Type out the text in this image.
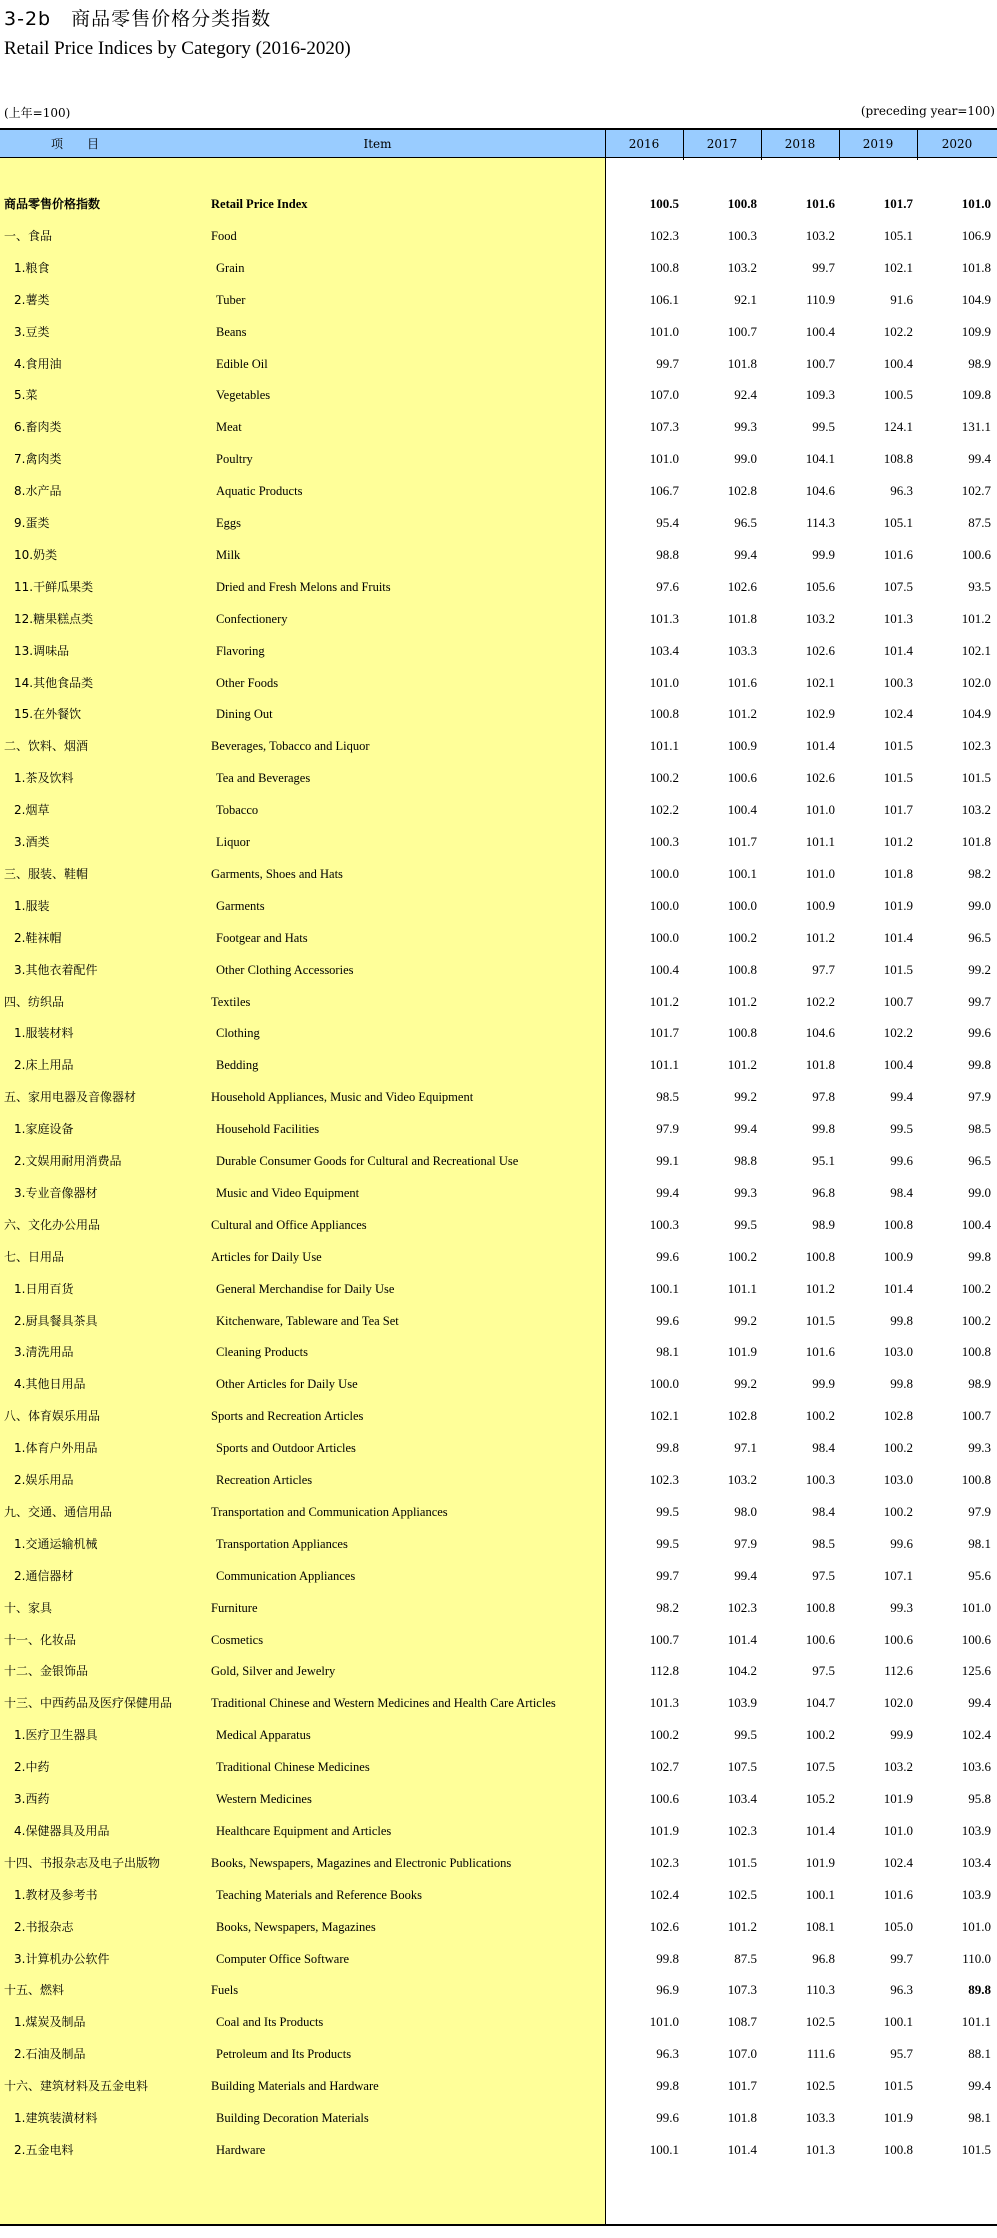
3-2b　商品零售价格分类指数
Retail Price Indices by Category (2016-2020)
(上年=100)	(preceding year=100)
项　　目	Item	2016	2017	2018	2019	2020
商品零售价格指数	Retail Price Index	100.5	100.8	101.6	101.7	101.0
一、食品	Food	102.3	100.3	103.2	105.1	106.9
1.粮食	Grain	100.8	103.2	99.7	102.1	101.8
2.薯类	Tuber	106.1	92.1	110.9	91.6	104.9
3.豆类	Beans	101.0	100.7	100.4	102.2	109.9
4.食用油	Edible Oil	99.7	101.8	100.7	100.4	98.9
5.菜	Vegetables	107.0	92.4	109.3	100.5	109.8
6.畜肉类	Meat	107.3	99.3	99.5	124.1	131.1
7.禽肉类	Poultry	101.0	99.0	104.1	108.8	99.4
8.水产品	Aquatic Products	106.7	102.8	104.6	96.3	102.7
9.蛋类	Eggs	95.4	96.5	114.3	105.1	87.5
10.奶类	Milk	98.8	99.4	99.9	101.6	100.6
11.干鲜瓜果类	Dried and Fresh Melons and Fruits	97.6	102.6	105.6	107.5	93.5
12.糖果糕点类	Confectionery	101.3	101.8	103.2	101.3	101.2
13.调味品	Flavoring	103.4	103.3	102.6	101.4	102.1
14.其他食品类	Other Foods	101.0	101.6	102.1	100.3	102.0
15.在外餐饮	Dining Out	100.8	101.2	102.9	102.4	104.9
二、饮料、烟酒	Beverages, Tobacco and Liquor	101.1	100.9	101.4	101.5	102.3
1.茶及饮料	Tea and Beverages	100.2	100.6	102.6	101.5	101.5
2.烟草	Tobacco	102.2	100.4	101.0	101.7	103.2
3.酒类	Liquor	100.3	101.7	101.1	101.2	101.8
三、服装、鞋帽	Garments, Shoes and Hats	100.0	100.1	101.0	101.8	98.2
1.服装	Garments	100.0	100.0	100.9	101.9	99.0
2.鞋袜帽	Footgear and Hats	100.0	100.2	101.2	101.4	96.5
3.其他衣着配件	Other Clothing Accessories	100.4	100.8	97.7	101.5	99.2
四、纺织品	Textiles	101.2	101.2	102.2	100.7	99.7
1.服装材料	Clothing	101.7	100.8	104.6	102.2	99.6
2.床上用品	Bedding	101.1	101.2	101.8	100.4	99.8
五、家用电器及音像器材	Household Appliances, Music and Video Equipment	98.5	99.2	97.8	99.4	97.9
1.家庭设备	Household Facilities	97.9	99.4	99.8	99.5	98.5
2.文娱用耐用消费品	Durable Consumer Goods for Cultural and Recreational Use	99.1	98.8	95.1	99.6	96.5
3.专业音像器材	Music and Video Equipment	99.4	99.3	96.8	98.4	99.0
六、文化办公用品	Cultural and Office Appliances	100.3	99.5	98.9	100.8	100.4
七、日用品	Articles for Daily Use	99.6	100.2	100.8	100.9	99.8
1.日用百货	General Merchandise for Daily Use	100.1	101.1	101.2	101.4	100.2
2.厨具餐具茶具	Kitchenware, Tableware and Tea Set	99.6	99.2	101.5	99.8	100.2
3.清洗用品	Cleaning Products	98.1	101.9	101.6	103.0	100.8
4.其他日用品	Other Articles for Daily Use	100.0	99.2	99.9	99.8	98.9
八、体育娱乐用品	Sports and Recreation Articles	102.1	102.8	100.2	102.8	100.7
1.体育户外用品	Sports and Outdoor Articles	99.8	97.1	98.4	100.2	99.3
2.娱乐用品	Recreation Articles	102.3	103.2	100.3	103.0	100.8
九、交通、通信用品	Transportation and Communication Appliances	99.5	98.0	98.4	100.2	97.9
1.交通运输机械	Transportation Appliances	99.5	97.9	98.5	99.6	98.1
2.通信器材	Communication Appliances	99.7	99.4	97.5	107.1	95.6
十、家具	Furniture	98.2	102.3	100.8	99.3	101.0
十一、化妆品	Cosmetics	100.7	101.4	100.6	100.6	100.6
十二、金银饰品	Gold, Silver and Jewelry	112.8	104.2	97.5	112.6	125.6
十三、中西药品及医疗保健用品	Traditional Chinese and Western Medicines and Health Care Articles	101.3	103.9	104.7	102.0	99.4
1.医疗卫生器具	Medical Apparatus	100.2	99.5	100.2	99.9	102.4
2.中药	Traditional Chinese Medicines	102.7	107.5	107.5	103.2	103.6
3.西药	Western Medicines	100.6	103.4	105.2	101.9	95.8
4.保健器具及用品	Healthcare Equipment and Articles	101.9	102.3	101.4	101.0	103.9
十四、书报杂志及电子出版物	Books, Newspapers, Magazines and Electronic Publications	102.3	101.5	101.9	102.4	103.4
1.教材及参考书	Teaching Materials and Reference Books	102.4	102.5	100.1	101.6	103.9
2.书报杂志	Books, Newspapers, Magazines	102.6	101.2	108.1	105.0	101.0
3.计算机办公软件	Computer Office Software	99.8	87.5	96.8	99.7	110.0
十五、燃料	Fuels	96.9	107.3	110.3	96.3	89.8
1.煤炭及制品	Coal and Its Products	101.0	108.7	102.5	100.1	101.1
2.石油及制品	Petroleum and Its Products	96.3	107.0	111.6	95.7	88.1
十六、建筑材料及五金电料	Building Materials and Hardware	99.8	101.7	102.5	101.5	99.4
1.建筑装潢材料	Building Decoration Materials	99.6	101.8	103.3	101.9	98.1
2.五金电料	Hardware	100.1	101.4	101.3	100.8	101.5
